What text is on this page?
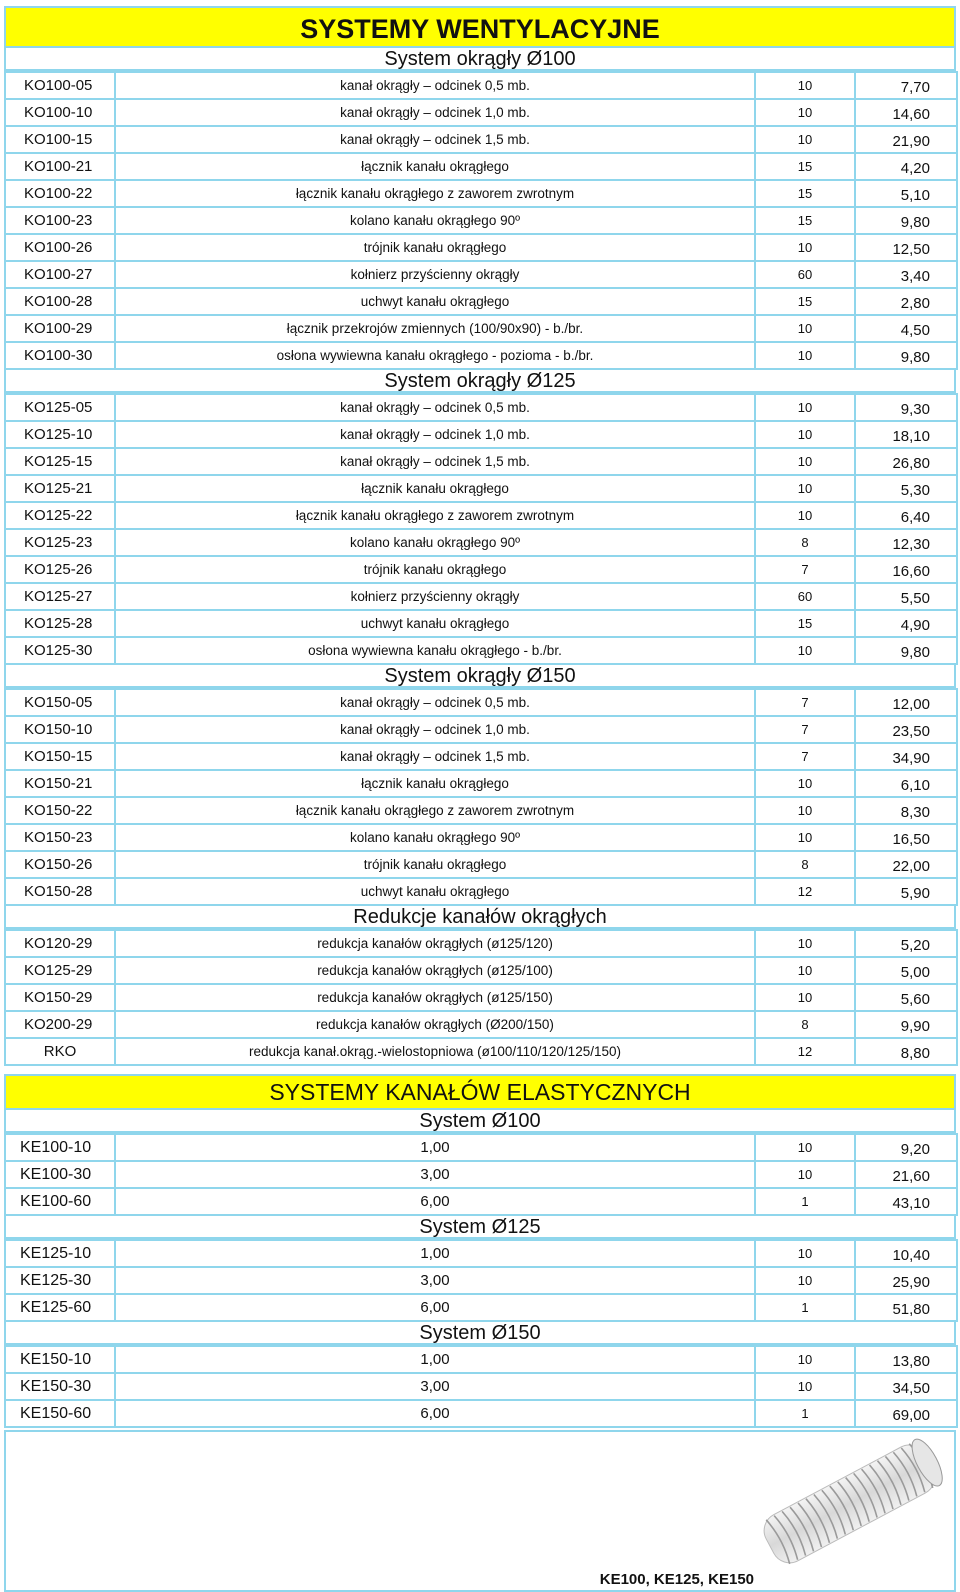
SYSTEMY WENTYLACYJNE
System okrągły Ø100
KO100-05	kanał okrągły – odcinek 0,5 mb.	10	7,70
KO100-10	kanał okrągły – odcinek 1,0 mb.	10	14,60
KO100-15	kanał okrągły – odcinek 1,5 mb.	10	21,90
KO100-21	łącznik kanału okrągłego	15	4,20
KO100-22	łącznik kanału okrągłego z zaworem zwrotnym	15	5,10
KO100-23	kolano kanału okrągłego 90º	15	9,80
KO100-26	trójnik kanału okrągłego	10	12,50
KO100-27	kołnierz przyścienny okrągły	60	3,40
KO100-28	uchwyt kanału okrągłego	15	2,80
KO100-29	łącznik przekrojów zmiennych (100/90x90) - b./br.	10	4,50
KO100-30	osłona wywiewna kanału okrągłego - pozioma - b./br.	10	9,80
System okrągły Ø125
KO125-05	kanał okrągły – odcinek 0,5 mb.	10	9,30
KO125-10	kanał okrągły – odcinek 1,0 mb.	10	18,10
KO125-15	kanał okrągły – odcinek 1,5 mb.	10	26,80
KO125-21	łącznik kanału okrągłego	10	5,30
KO125-22	łącznik kanału okrągłego z zaworem zwrotnym	10	6,40
KO125-23	kolano kanału okrągłego 90º	8	12,30
KO125-26	trójnik kanału okrągłego	7	16,60
KO125-27	kołnierz przyścienny okrągły	60	5,50
KO125-28	uchwyt kanału okrągłego	15	4,90
KO125-30	osłona wywiewna kanału okrągłego - b./br.	10	9,80
System okrągły Ø150
KO150-05	kanał okrągły – odcinek 0,5 mb.	7	12,00
KO150-10	kanał okrągły – odcinek 1,0 mb.	7	23,50
KO150-15	kanał okrągły – odcinek 1,5 mb.	7	34,90
KO150-21	łącznik kanału okrągłego	10	6,10
KO150-22	łącznik kanału okrągłego z zaworem zwrotnym	10	8,30
KO150-23	kolano kanału okrągłego 90º	10	16,50
KO150-26	trójnik kanału okrągłego	8	22,00
KO150-28	uchwyt kanału okrągłego	12	5,90
Redukcje kanałów okrągłych
KO120-29	redukcja kanałów okrągłych (ø125/120)	10	5,20
KO125-29	redukcja kanałów okrągłych (ø125/100)	10	5,00
KO150-29	redukcja kanałów okrągłych (ø125/150)	10	5,60
KO200-29	redukcja kanałów okrągłych (Ø200/150)	8	9,90
RKO	redukcja kanał.okrąg.-wielostopniowa (ø100/110/120/125/150)	12	8,80
SYSTEMY KANAŁÓW ELASTYCZNYCH
System Ø100
KE100-10	1,00	10	9,20
KE100-30	3,00	10	21,60
KE100-60	6,00	1	43,10
System Ø125
KE125-10	1,00	10	10,40
KE125-30	3,00	10	25,90
KE125-60	6,00	1	51,80
System Ø150
KE150-10	1,00	10	13,80
KE150-30	3,00	10	34,50
KE150-60	6,00	1	69,00
KE100, KE125, KE150
